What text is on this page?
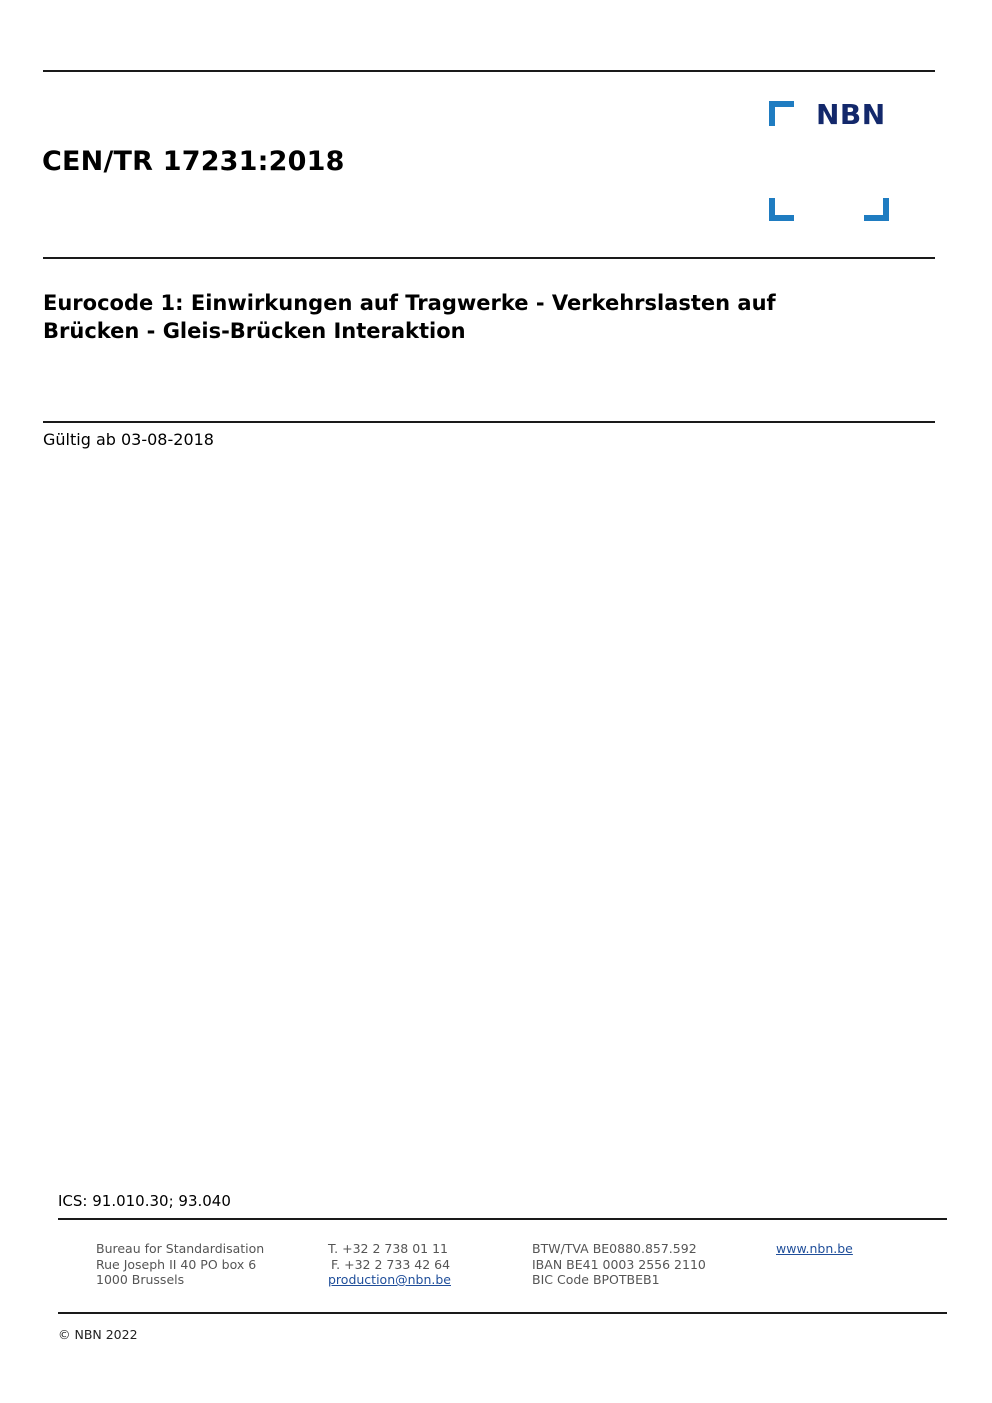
CEN/TR 17231:2018
NBN
Eurocode 1: Einwirkungen auf Tragwerke - Verkehrslasten auf
Brücken - Gleis-Brücken Interaktion
Gültig ab 03-08-2018
ICS: 91.010.30; 93.040
Bureau for Standardisation
Rue Joseph II 40 PO box 6
1000 Brussels
T. +32 2 738 01 11
F. +32 2 733 42 64
production@nbn.be
BTW/TVA BE0880.857.592
IBAN BE41 0003 2556 2110
BIC Code BPOTBEB1
www.nbn.be
© NBN 2022
